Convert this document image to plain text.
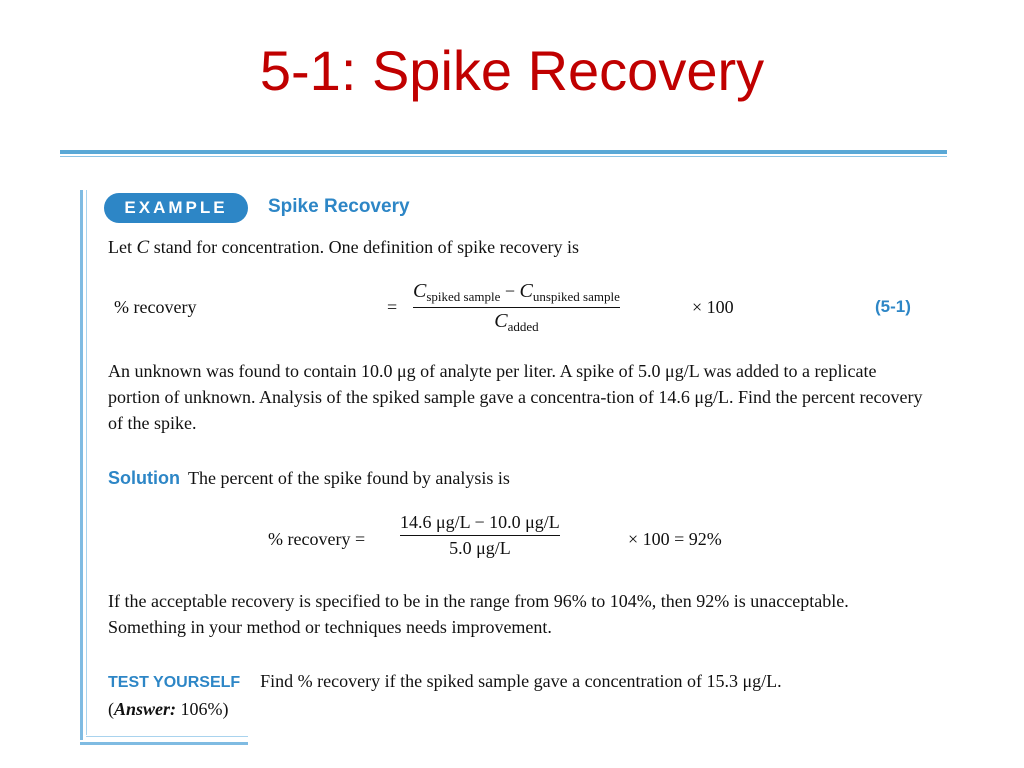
5-1: Spike Recovery
EXAMPLE	Spike Recovery

Let C stand for concentration. One definition of spike recovery is

% recovery	=
$C_{spiked sample} - C_{unspiked sample}$
$C_{added}$
× 100	(5-1)

An unknown was found to contain 10.0 μg of analyte per liter. A spike of 5.0 μg/L was added to a replicate portion of unknown. Analysis of the spiked sample gave a concentra-tion of 14.6 μg/L. Find the percent recovery of the spike.

Solution The percent of the spike found by analysis is

% recovery =
14.6 μg/L − 10.0 μg/L
5.0 μg/L	× 100 = 92%

If the acceptable recovery is specified to be in the range from 96% to 104%, then 92% is unacceptable. Something in your method or techniques needs improvement.

TEST YOURSELF Find % recovery if the spiked sample gave a concentration of 15.3 μg/L.
(Answer: 106%)
